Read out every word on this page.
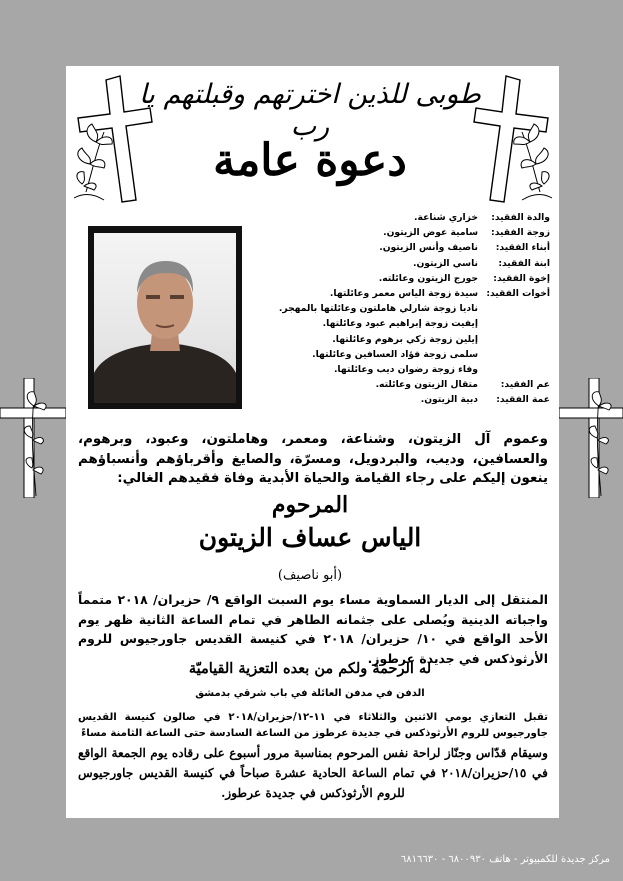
طوبى للذين اخترتهم وقبلتهم يا رب
دعوة عامة
والدة الفقيد:
خزاري شناعة.
زوجة الفقيد:
سامية عوض الزيتون.
أبناء الفقيد:
ناصيف وأنس الزيتون.
ابنة الفقيد:
ناسي الزيتون.
إخوة الفقيد:
جورج الزيتون وعائلته.
أخوات الفقيد:
سيدة زوجة الياس معمر وعائلتها.
ناديا زوجة شارلي هاملتون وعائلتها بالمهجر.
إيفيت زوجة إبراهيم عبود وعائلتها.
إيلين زوجة زكي برهوم وعائلتها.
سلمى زوجة فؤاد العسافين وعائلتها.
وفاء زوجة رضوان ديب وعائلتها.
عم الفقيد:
متقال الزيتون وعائلته.
عمة الفقيد:
دبية الزيتون.
وعموم آل الزيتون، وشناعة، ومعمر، وهاملتون، وعبود، وبرهوم، والعسافين، وديب، والبردويل، ومسرّة، والصايغ وأقرباؤهم وأنسباؤهم ينعون إليكم على رجاء القيامة والحياة الأبدية وفاة فقيدهم الغالي:
المرحوم
الياس عساف الزيتون
(أبو ناصيف)
المنتقل إلى الديار السماوية مساء يوم السبت الواقع ٩/ حزيران/ ٢٠١٨ متمماً واجباته الدينية ويُصلى على جثمانه الطاهر في تمام الساعة الثانية ظهر يوم الأحد الواقع في ١٠/ حزيران/ ٢٠١٨ في كنيسة القديس جاورجيوس للروم الأرثوذكس في جديدة عرطوز.
له الرحمة ولكم من بعده التعزية القياميّة
الدفن في مدفن العائلة في باب شرقي بدمشق
تقبل التعازي يومي الاثنين والثلاثاء في ١١-١٢/حزيران/٢٠١٨ في صالون كنيسة القديس جاورجيوس للروم الأرثوذكس في جديدة عرطوز من الساعة السادسة حتى الساعة الثامنة مساءً
وسيقام قدّاس وجنّاز لراحة نفس المرحوم بمناسبة مرور أسبوع على رقاده يوم الجمعة الواقع في ١٥/حزيران/٢٠١٨ في تمام الساعة الحادية عشرة صباحاً في كنيسة القديس جاورجيوس للروم الأرثوذكس في جديدة عرطوز.
مركز جديدة للكمبيوتر - هاتف ٦٨٠٠٩٣٠ - ٦٨١٦٦٣٠
